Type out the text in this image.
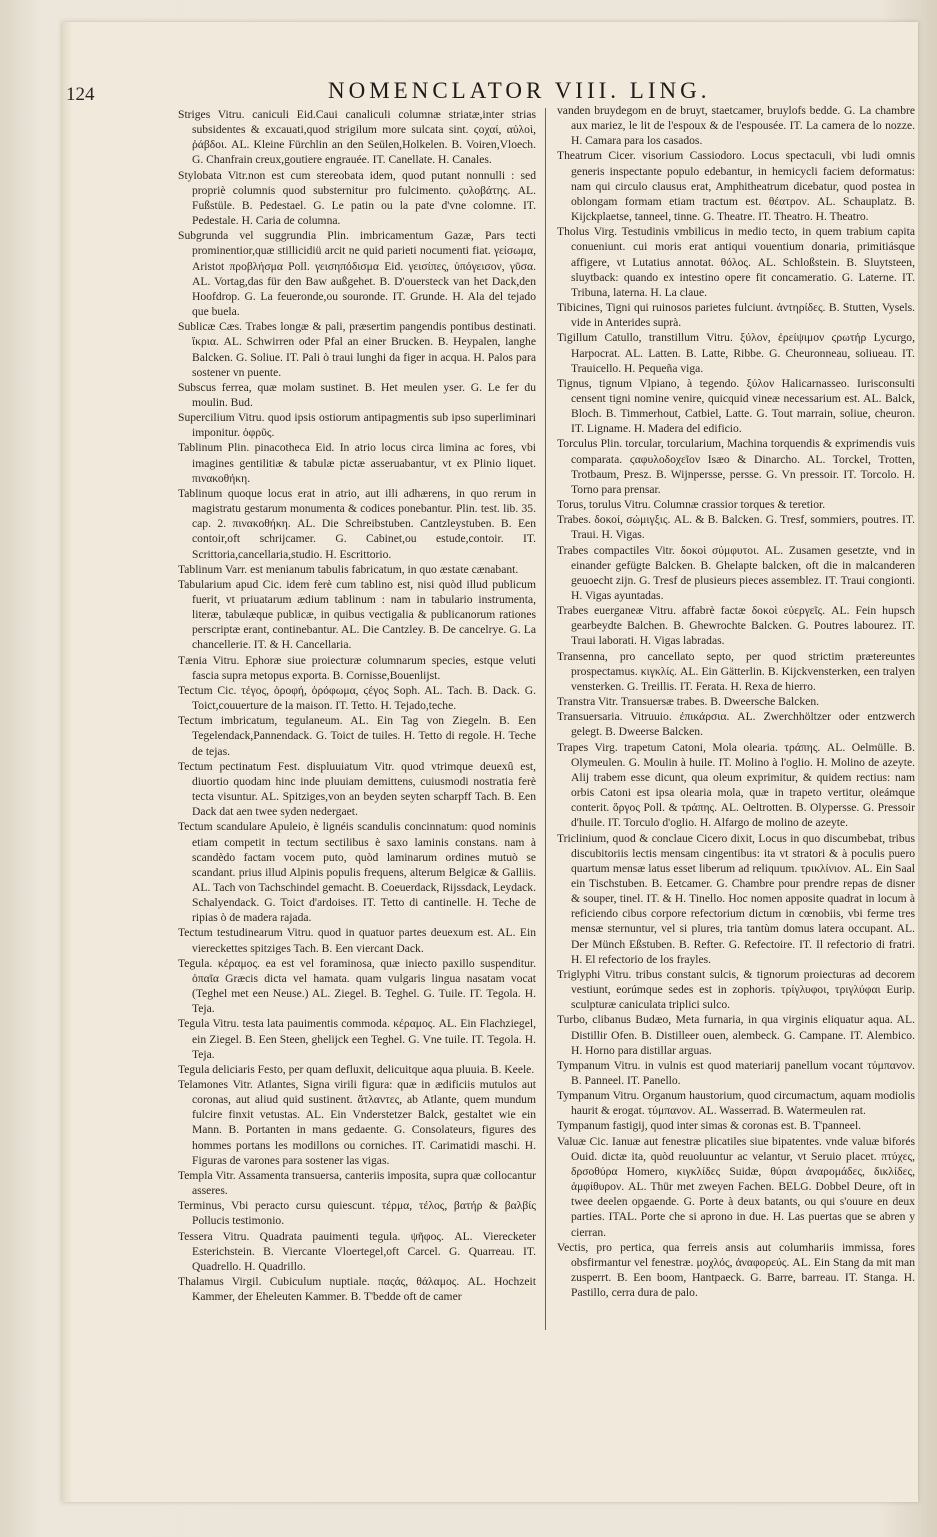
124	NOMENCLATOR VIII. LING.

Striges Vitru. caniculi Eid.Caui canaliculi columnæ striatæ,inter strias subsidentes & excauati,quod strigilum more sulcata sint. ϛοχαί, αὐλοὶ, ῥάβδοι. AL. Kleine Fürchlin an den Seülen,Holkelen. B. Voiren,Vloech. G. Chanfrain creux,goutiere engrauée. IT. Canellate. H. Canales.

Stylobata Vitr.non est cum stereobata idem, quod putant nonnulli : sed propriè columnis quod substernitur pro fulcimento. ςυλοβάτης. AL. Fußstüle. B. Pedestael. G. Le patin ou la pate d'vne colomne. IT. Pedestale. H. Caria de columna.

Subgrunda vel suggrundia Plin. imbricamentum Gazæ, Pars tecti prominentior,quæ stillicidiü arcit ne quid parieti nocumenti fiat. γείσωμα, Aristot προβλήσμα Poll. γεισηπόδισμα Eid. γεισίπες, ὑπόγεισον, γῦσα. AL. Vortag,das für den Baw außgehet. B. D'ouersteck van het Dack,den Hoofdrop. G. La feueronde,ou souronde. IT. Grunde. H. Ala del tejado que buela.

Sublicæ Cæs. Trabes longæ & pali, præsertim pangendis pontibus destinati. ἴκρια. AL. Schwirren oder Pfal an einer Brucken. B. Heypalen, langhe Balcken. G. Soliue. IT. Pali ò traui lunghi da figer in acqua. H. Palos para sostener vn puente.

Subscus ferrea, quæ molam sustinet. B. Het meulen yser. G. Le fer du moulin. Bud.

Supercilium Vitru. quod ipsis ostiorum antipagmentis sub ipso superliminari imponitur. ὀφρῦς.

Tablinum Plin. pinacotheca Eid. In atrio locus circa limina ac fores, vbi imagines gentilitiæ & tabulæ pictæ asseruabantur, vt ex Plinio liquet. πινακοθήκη.

Tablinum quoque locus erat in atrio, aut illi adhærens, in quo rerum in magistratu gestarum monumenta & codices ponebantur. Plin. test. lib. 35. cap. 2. πινακοθήκη. AL. Die Schreibstuben. Cantzleystuben. B. Een contoir,oft schrijcamer. G. Cabinet,ou estude,contoir. IT. Scrittoria,cancellaria,studio. H. Escrittorio.

Tablinum Varr. est menianum tabulis fabricatum, in quo æstate cænabant.

Tabularium apud Cic. idem ferè cum tablino est, nisi quòd illud publicum fuerit, vt priuatarum ædium tablinum : nam in tabulario instrumenta, literæ, tabulæque publicæ, in quibus vectigalia & publicanorum rationes perscriptæ erant, continebantur. AL. Die Cantzley. B. De cancelrye. G. La chancellerie. IT. & H. Cancellaria.

Tænia Vitru. Ephoræ siue proiecturæ columnarum species, estque veluti fascia supra metopus exporta. B. Cornisse,Bouenlijst.

Tectum Cic. τέγος, ὀροφή, ὀρόφωμα, ϛέγος Soph. AL. Tach. B. Dack. G. Toict,couuerture de la maison. IT. Tetto. H. Tejado,teche.

Tectum imbricatum, tegulaneum. AL. Ein Tag von Ziegeln. B. Een Tegelendack,Pannendack. G. Toict de tuiles. H. Tetto di regole. H. Teche de tejas.

Tectum pectinatum Fest. displuuiatum Vitr. quod vtrimque deuexû est, diuortio quodam hinc inde pluuiam demittens, cuiusmodi nostratia ferè tecta visuntur. AL. Spitziges,von an beyden seyten scharpff Tach. B. Een Dack dat aen twee syden nedergaet.

Tectum scandulare Apuleio, è lignéis scandulis concinnatum: quod nominis etiam competit in tectum sectilibus è saxo laminis constans. nam à scandèdo factam vocem puto, quòd laminarum ordines mutuò se scandant. prius illud Alpinis populis frequens, alterum Belgicæ & Galliis. AL. Tach von Tachschindel gemacht. B. Coeuerdack, Rijssdack, Leydack. Schalyendack. G. Toict d'ardoises. IT. Tetto di cantinelle. H. Teche de ripias ò de madera rajada.

Tectum testudinearum Vitru. quod in quatuor partes deuexum est. AL. Ein viereckettes spitziges Tach. B. Een viercant Dack.

Tegula. κέραμος. ea est vel foraminosa, quæ iniecto paxillo suspenditur. ὀπαῖα Græcis dicta vel hamata. quam vulgaris lingua nasatam vocat (Teghel met een Neuse.) AL. Ziegel. B. Teghel. G. Tuile. IT. Tegola. H. Teja.

Tegula Vitru. testa lata pauimentis commoda. κέραμος. AL. Ein Flachziegel, ein Ziegel. B. Een Steen, ghelijck een Teghel. G. Vne tuile. IT. Tegola. H. Teja.

Tegula deliciaris Festo, per quam defluxit, delicuitque aqua pluuia. B. Keele.

Telamones Vitr. Atlantes, Signa virili figura: quæ in ædificiis mutulos aut coronas, aut aliud quid sustinent. ἄτλαντες, ab Atlante, quem mundum fulcire finxit vetustas. AL. Ein Vnderstetzer Balck, gestaltet wie ein Mann. B. Portanten in mans gedaente. G. Consolateurs, figures des hommes portans les modillons ou corniches. IT. Carimatidi maschi. H. Figuras de varones para sostener las vigas.

Templa Vitr. Assamenta transuersa, canteriis imposita, supra quæ collocantur asseres.

Terminus, Vbi peracto cursu quiescunt. τέρμα, τέλος, βατήρ & βαλβίς Pollucis testimonio.

Tessera Vitru. Quadrata pauimenti tegula. ψῆφος. AL. Vierecketer Esterichstein. B. Viercante Vloertegel,oft Carcel. G. Quarreau. IT. Quadrello. H. Quadrillo.

Thalamus Virgil. Cubiculum nuptiale. παςάς, θάλαμος. AL. Hochzeit Kammer, der Eheleuten Kammer. B. T'bedde oft de camer

vanden bruydegom en de bruyt, staetcamer, bruylofs bedde. G. La chambre aux mariez, le lit de l'espoux & de l'espousée. IT. La camera de lo nozze. H. Camara para los casados.

Theatrum Cicer. visorium Cassiodoro. Locus spectaculi, vbi ludi omnis generis inspectante populo edebantur, in hemicycli faciem deformatus: nam qui circulo clausus erat, Amphitheatrum dicebatur, quod postea in oblongam formam etiam tractum est. θέατρον. AL. Schauplatz. B. Kijckplaetse, tanneel, tinne. G. Theatre. IT. Theatro. H. Theatro.

Tholus Virg. Testudinis vmbilicus in medio tecto, in quem trabium capita conueniunt. cui moris erat antiqui vouentium donaria, primitiásque affigere, vt Lutatius annotat. θόλος. AL. Schloßstein. B. Sluytsteen, sluytback: quando ex intestino opere fit concameratio. G. Laterne. IT. Tribuna, laterna. H. La claue.

Tibicines, Tigni qui ruinosos parietes fulciunt. ἀντηρίδες. B. Stutten, Vysels. vide in Anterides suprà.

Tigillum Catullo, transtillum Vitru. ξύλον, ἐρείψιμον ϛρωτήρ Lycurgo, Harpocrat. AL. Latten. B. Latte, Ribbe. G. Cheuronneau, soliueau. IT. Trauicello. H. Pequeña viga.

Tignus, tignum Vlpiano, à tegendo. ξύλον Halicarnasseo. Iurisconsulti censent tigni nomine venire, quicquid vineæ necessarium est. AL. Balck, Bloch. B. Timmerhout, Catbiel, Latte. G. Tout marrain, soliue, cheuron. IT. Ligname. H. Madera del edificio.

Torculus Plin. torcular, torcularium, Machina torquendis & exprimendis vuis comparata. ϛαφυλοδοχεῖον Isæo & Dinarcho. AL. Torckel, Trotten, Trotbaum, Presz. B. Wijnpersse, persse. G. Vn pressoir. IT. Torcolo. H. Torno para prensar.

Torus, torulus Vitru. Columnæ crassior torques & teretior.

Trabes. δοκοί, σώμιγξις. AL. & B. Balcken. G. Tresf, sommiers, poutres. IT. Traui. H. Vigas.

Trabes compactiles Vitr. δοκοὶ σύμφυτοι. AL. Zusamen gesetzte, vnd in einander gefügte Balcken. B. Ghelapte balcken, oft die in malcanderen geuoecht zijn. G. Tresf de plusieurs pieces assemblez. IT. Traui congionti. H. Vigas ayuntadas.

Trabes euerganeæ Vitru. affabrè factæ δοκοὶ εὐεργεῖς. AL. Fein hupsch gearbeydte Balchen. B. Ghewrochte Balcken. G. Poutres labourez. IT. Traui laborati. H. Vigas labradas.

Transenna, pro cancellato septo, per quod strictim prætereuntes prospectamus. κιγκλίς. AL. Ein Gätterlin. B. Kijckvensterken, een tralyen vensterken. G. Treillis. IT. Ferata. H. Rexa de hierro.

Transtra Vitr. Transuersæ trabes. B. Dweersche Balcken.

Transuersaria. Vitruuio. ἐπικάρσια. AL. Zwerchhöltzer oder entzwerch gelegt. B. Dweerse Balcken.

Trapes Virg. trapetum Catoni, Mola olearia. τράπης. AL. Oelmülle. B. Olymeulen. G. Moulin à huile. IT. Molino à l'oglio. H. Molino de azeyte. Alij trabem esse dicunt, qua oleum exprimitur, & quidem rectius: nam orbis Catoni est ipsa olearia mola, quæ in trapeto vertitur, oleámque conterit. ὄργος Poll. & τράπης. AL. Oeltrotten. B. Olypersse. G. Pressoir d'huile. IT. Torculo d'oglio. H. Alfargo de molino de azeyte.

Triclinium, quod & conclaue Cicero dixit, Locus in quo discumbebat, tribus discubitoriis lectis mensam cingentibus: ita vt stratori & à poculis puero quartum mensæ latus esset liberum ad reliquum. τρικλίνιον. AL. Ein Saal ein Tischstuben. B. Eetcamer. G. Chambre pour prendre repas de disner & souper, tinel. IT. & H. Tinello. Hoc nomen apposite quadrat in locum à reficiendo cibus corpore refectorium dictum in cœnobiis, vbi ferme tres mensæ sternuntur, vel si plures, tria tantùm domus latera occupant. AL. Der Münch Eßstuben. B. Refter. G. Refectoire. IT. Il refectorio di fratri. H. El refectorio de los frayles.

Triglyphi Vitru. tribus constant sulcis, & tignorum proiecturas ad decorem vestiunt, eorúmque sedes est in zophoris. τρίγλυφοι, τριγλύφαι Eurip. sculpturæ caniculata triplici sulco.

Turbo, clibanus Budæo, Meta furnaria, in qua virginis eliquatur aqua. AL. Distillir Ofen. B. Distilleer ouen, alembeck. G. Campane. IT. Alembico. H. Horno para distillar arguas.

Tympanum Vitru. in vulnis est quod materiarij panellum vocant τύμπανον. B. Panneel. IT. Panello.

Tympanum Vitru. Organum haustorium, quod circumactum, aquam modiolis haurit & erogat. τύμπανον. AL. Wasserrad. B. Watermeulen rat.

Tympanum fastigij, quod inter simas & coronas est. B. T'panneel.

Valuæ Cic. Ianuæ aut fenestræ plicatiles siue bipatentes. vnde valuæ biforés Ouid. dictæ ita, quòd reuoluuntur ac velantur, vt Seruio placet. πτύχες, δρσοθύρα Homero, κιγκλίδες Suidæ, θύραι ἀναρομάδες, δικλίδες, ἀμφίθυρον. AL. Thür met zweyen Fachen. BELG. Dobbel Deure, oft in twee deelen opgaende. G. Porte à deux batants, ou qui s'ouure en deux parties. ITAL. Porte che si aprono in due. H. Las puertas que se abren y cierran.

Vectis, pro pertica, qua ferreis ansis aut columhariis immissa, fores obsfirmantur vel fenestræ. μοχλός, ἀναφορεύς. AL. Ein Stang da mit man zusperrt. B. Een boom, Hantpaeck. G. Barre, barreau. IT. Stanga. H. Pastillo, cerra dura de palo.
